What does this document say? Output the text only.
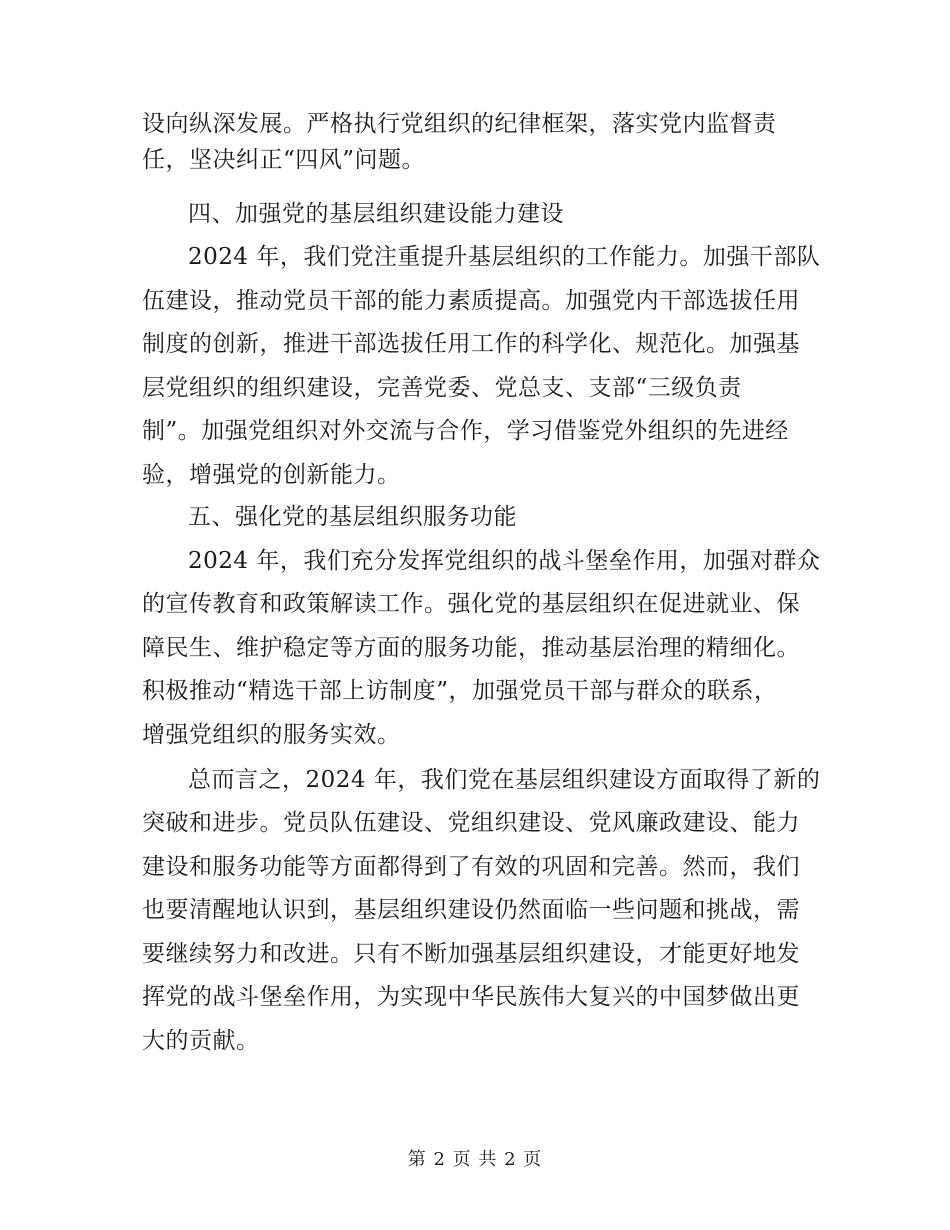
设向纵深发展。严格执行党组织的纪律框架，落实党内监督责
任，坚决纠正“四风”问题。
四、加强党的基层组织建设能力建设
2024 年，我们党注重提升基层组织的工作能力。加强干部队
伍建设，推动党员干部的能力素质提高。加强党内干部选拔任用
制度的创新，推进干部选拔任用工作的科学化、规范化。加强基
层党组织的组织建设，完善党委、党总支、支部“三级负责
制”。加强党组织对外交流与合作，学习借鉴党外组织的先进经
验，增强党的创新能力。
五、强化党的基层组织服务功能
2024 年，我们充分发挥党组织的战斗堡垒作用，加强对群众
的宣传教育和政策解读工作。强化党的基层组织在促进就业、保
障民生、维护稳定等方面的服务功能，推动基层治理的精细化。
积极推动“精选干部上访制度”，加强党员干部与群众的联系，
增强党组织的服务实效。
总而言之，2024 年，我们党在基层组织建设方面取得了新的
突破和进步。党员队伍建设、党组织建设、党风廉政建设、能力
建设和服务功能等方面都得到了有效的巩固和完善。然而，我们
也要清醒地认识到，基层组织建设仍然面临一些问题和挑战，需
要继续努力和改进。只有不断加强基层组织建设，才能更好地发
挥党的战斗堡垒作用，为实现中华民族伟大复兴的中国梦做出更
大的贡献。
第 2 页 共 2 页
